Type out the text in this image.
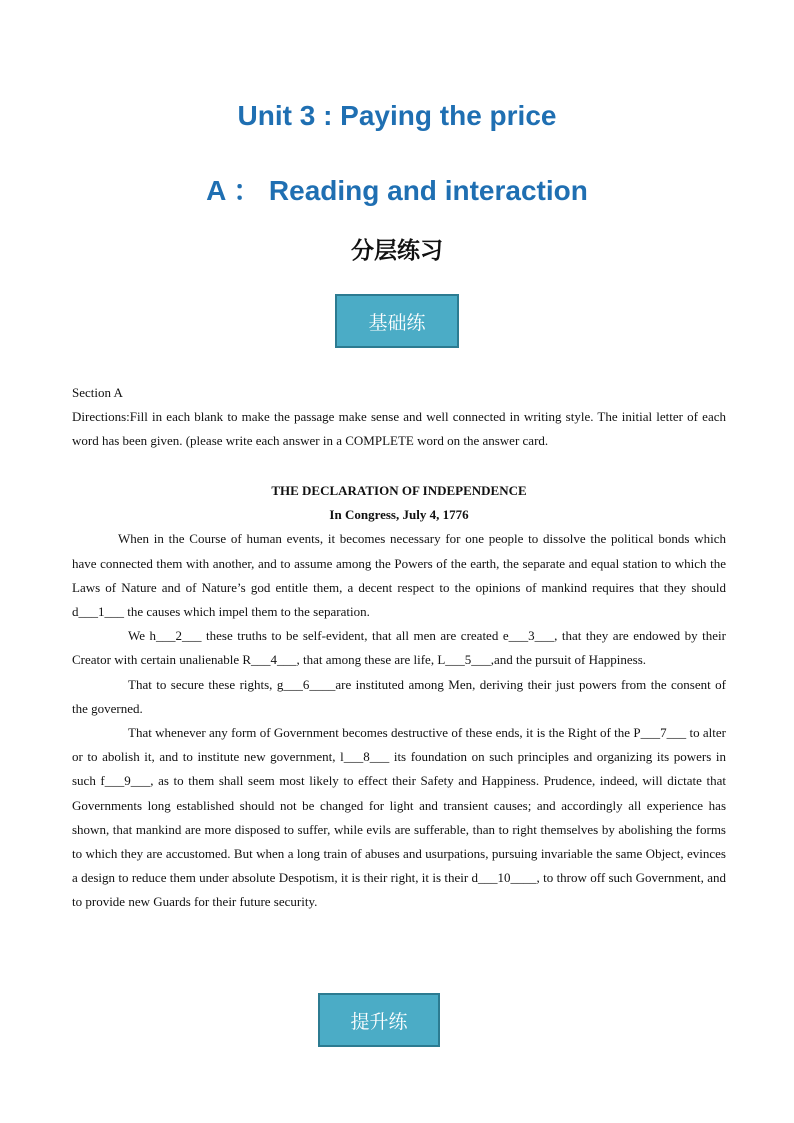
Unit 3 : Paying the price
A ： Reading and interaction
分层练习
基础练
Section A
Directions:Fill in each blank to make the passage make sense and well connected in writing style. The initial letter of each word has been given. (please write each answer in a COMPLETE word on the answer card.
THE DECLARATION OF INDEPENDENCE
In Congress, July 4, 1776

When in the Course of human events, it becomes necessary for one people to dissolve the political bonds which have connected them with another, and to assume among the Powers of the earth, the separate and equal station to which the Laws of Nature and of Nature’s god entitle them, a decent respect to the opinions of mankind requires that they should d___1___ the causes which impel them to the separation.

We h___2___ these truths to be self-evident, that all men are created e___3___, that they are endowed by their Creator with certain unalienable R___4___, that among these are life, L___5___,and the pursuit of Happiness.

That to secure these rights, g___6____are instituted among Men, deriving their just powers from the consent of the governed.

That whenever any form of Government becomes destructive of these ends, it is the Right of the P___7___ to alter or to abolish it, and to institute new government, l___8___ its foundation on such principles and organizing its powers in such f___9___, as to them shall seem most likely to effect their Safety and Happiness. Prudence, indeed, will dictate that Governments long established should not be changed for light and transient causes; and accordingly all experience has shown, that mankind are more disposed to suffer, while evils are sufferable, than to right themselves by abolishing the forms to which they are accustomed. But when a long train of abuses and usurpations, pursuing invariable the same Object, evinces a design to reduce them under absolute Despotism, it is their right, it is their d___10____, to throw off such Government, and to provide new Guards for their future security.

提升练
